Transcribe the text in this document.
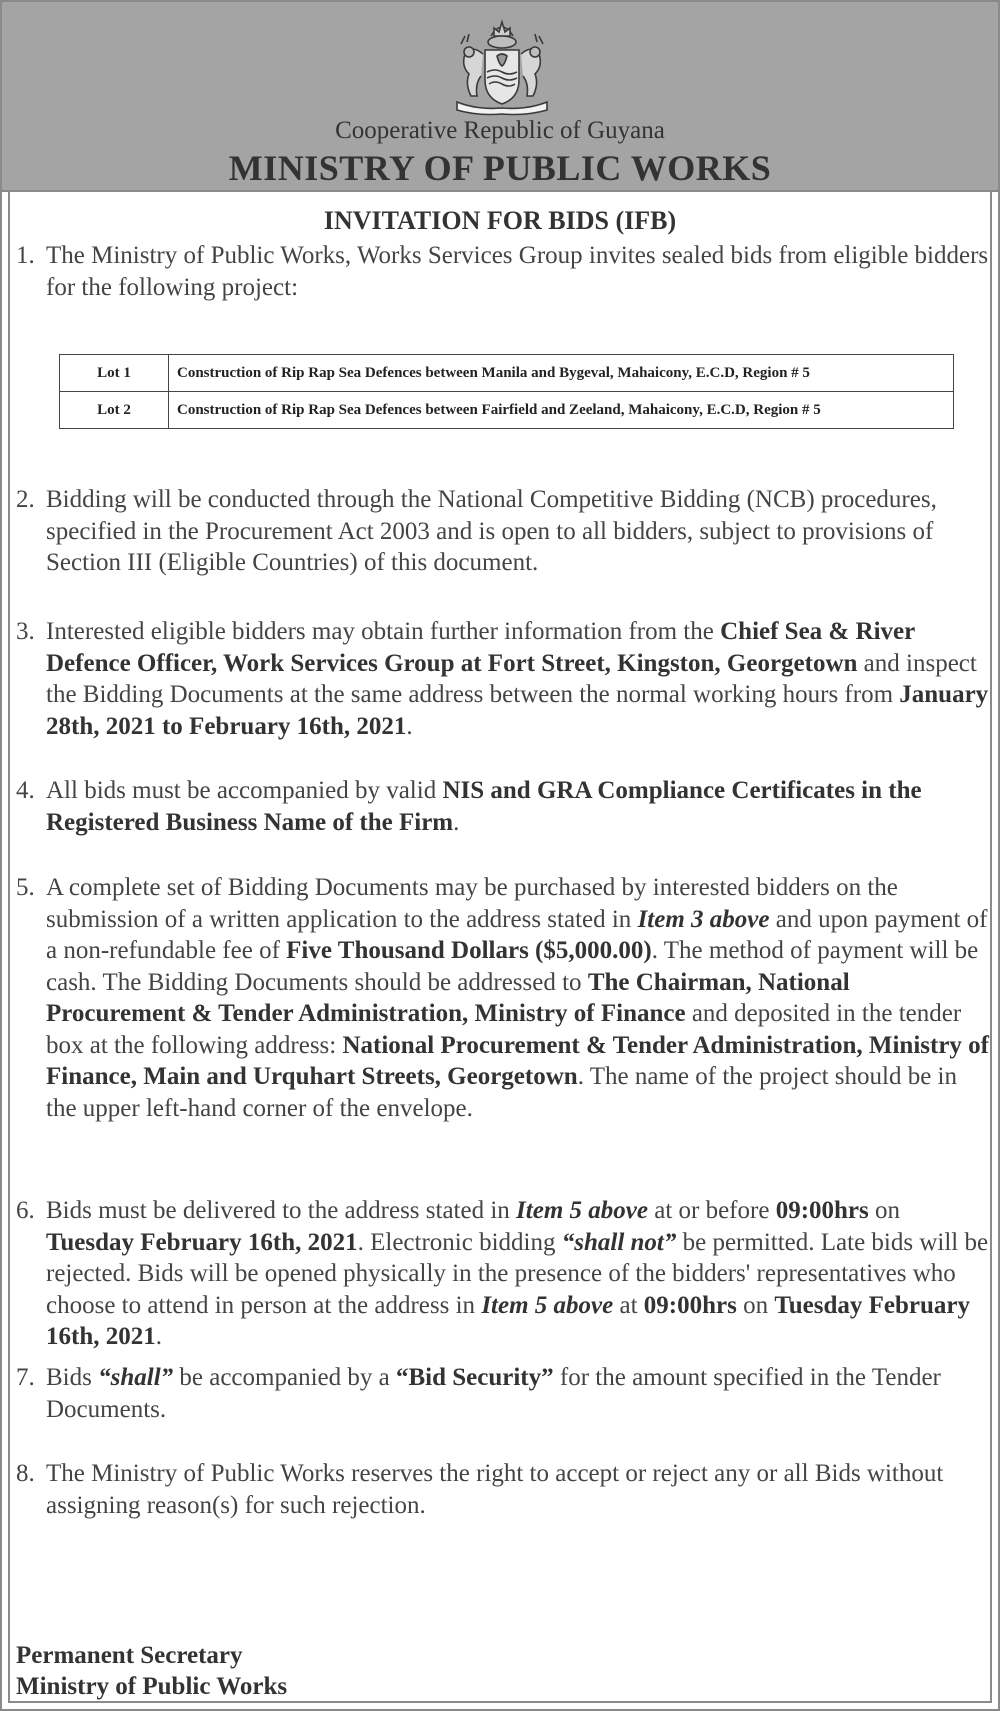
Cooperative Republic of Guyana
MINISTRY OF PUBLIC WORKS
INVITATION FOR BIDS (IFB)
1. The Ministry of Public Works, Works Services Group invites sealed bids from eligible bidders for the following project:
Lot 1	Construction of Rip Rap Sea Defences between Manila and Bygeval, Mahaicony, E.C.D, Region # 5
Lot 2	Construction of Rip Rap Sea Defences between Fairfield and Zeeland, Mahaicony, E.C.D, Region # 5
2. Bidding will be conducted through the National Competitive Bidding (NCB) procedures, specified in the Procurement Act 2003 and is open to all bidders, subject to provisions of Section III (Eligible Countries) of this document.
3. Interested eligible bidders may obtain further information from the Chief Sea & River Defence Officer, Work Services Group at Fort Street, Kingston, Georgetown and inspect the Bidding Documents at the same address between the normal working hours from January 28th, 2021 to February 16th, 2021.
4. All bids must be accompanied by valid NIS and GRA Compliance Certificates in the Registered Business Name of the Firm.
5. A complete set of Bidding Documents may be purchased by interested bidders on the submission of a written application to the address stated in Item 3 above and upon payment of a non-refundable fee of Five Thousand Dollars ($5,000.00). The method of payment will be cash. The Bidding Documents should be addressed to The Chairman, National Procurement & Tender Administration, Ministry of Finance and deposited in the tender box at the following address: National Procurement & Tender Administration, Ministry of Finance, Main and Urquhart Streets, Georgetown. The name of the project should be in the upper left-hand corner of the envelope.
6. Bids must be delivered to the address stated in Item 5 above at or before 09:00hrs on Tuesday February 16th, 2021. Electronic bidding “shall not” be permitted. Late bids will be rejected. Bids will be opened physically in the presence of the bidders' representatives who choose to attend in person at the address in Item 5 above at 09:00hrs on Tuesday February 16th, 2021.
7. Bids “shall” be accompanied by a “Bid Security” for the amount specified in the Tender Documents.
8. The Ministry of Public Works reserves the right to accept or reject any or all Bids without assigning reason(s) for such rejection.
Permanent Secretary
Ministry of Public Works
